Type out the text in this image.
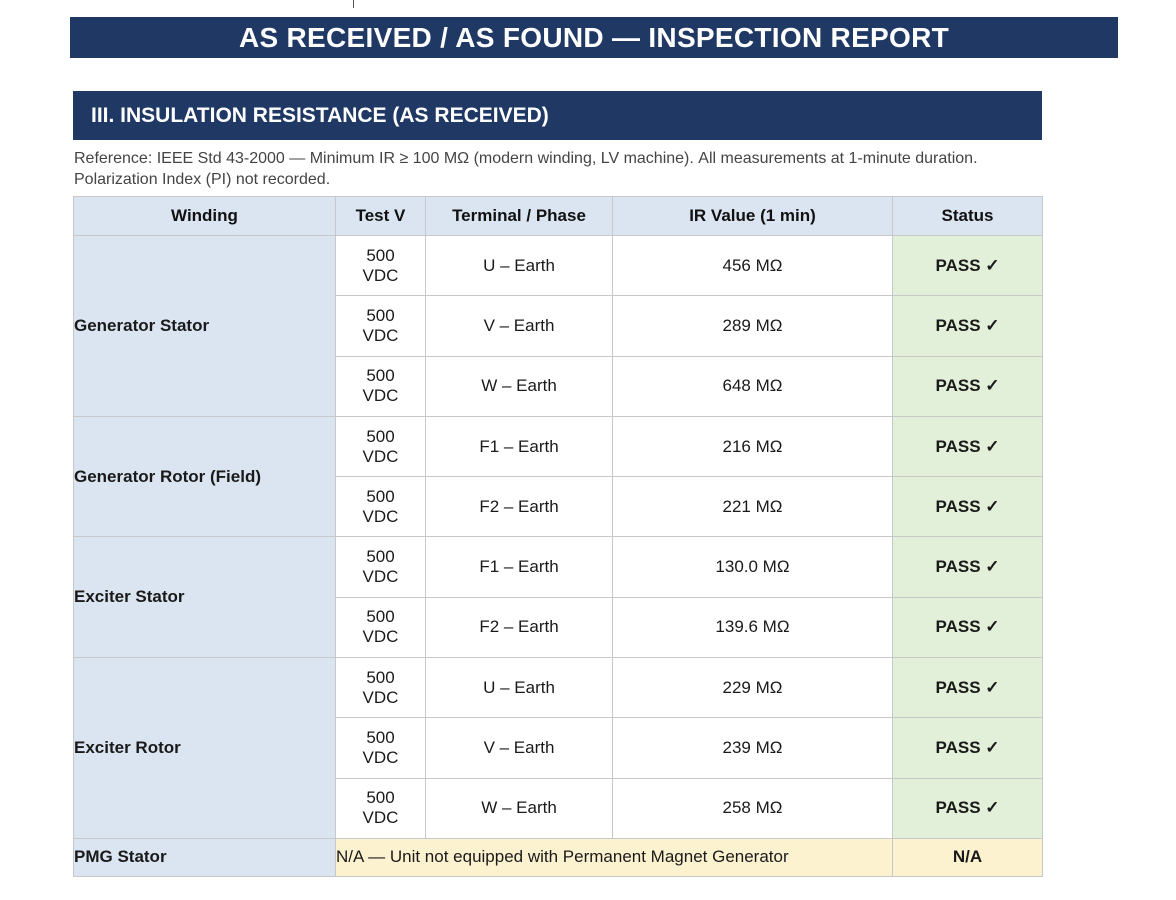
AS RECEIVED / AS FOUND — INSPECTION REPORT
III. INSULATION RESISTANCE (AS RECEIVED)
Reference: IEEE Std 43-2000 — Minimum IR ≥ 100 MΩ (modern winding, LV machine). All measurements at 1-minute duration. Polarization Index (PI) not recorded.
Winding	Test V	Terminal / Phase	IR Value (1 min)	Status
Generator Stator	500
VDC	U – Earth	456 MΩ	PASS ✓
	500
VDC	V – Earth	289 MΩ	PASS ✓
	500
VDC	W – Earth	648 MΩ	PASS ✓
Generator Rotor (Field)	500
VDC	F1 – Earth	216 MΩ	PASS ✓
	500
VDC	F2 – Earth	221 MΩ	PASS ✓
Exciter Stator	500
VDC	F1 – Earth	130.0 MΩ	PASS ✓
	500
VDC	F2 – Earth	139.6 MΩ	PASS ✓
Exciter Rotor	500
VDC	U – Earth	229 MΩ	PASS ✓
	500
VDC	V – Earth	239 MΩ	PASS ✓
	500
VDC	W – Earth	258 MΩ	PASS ✓
PMG Stator	N/A — Unit not equipped with Permanent Magnet Generator			N/A
